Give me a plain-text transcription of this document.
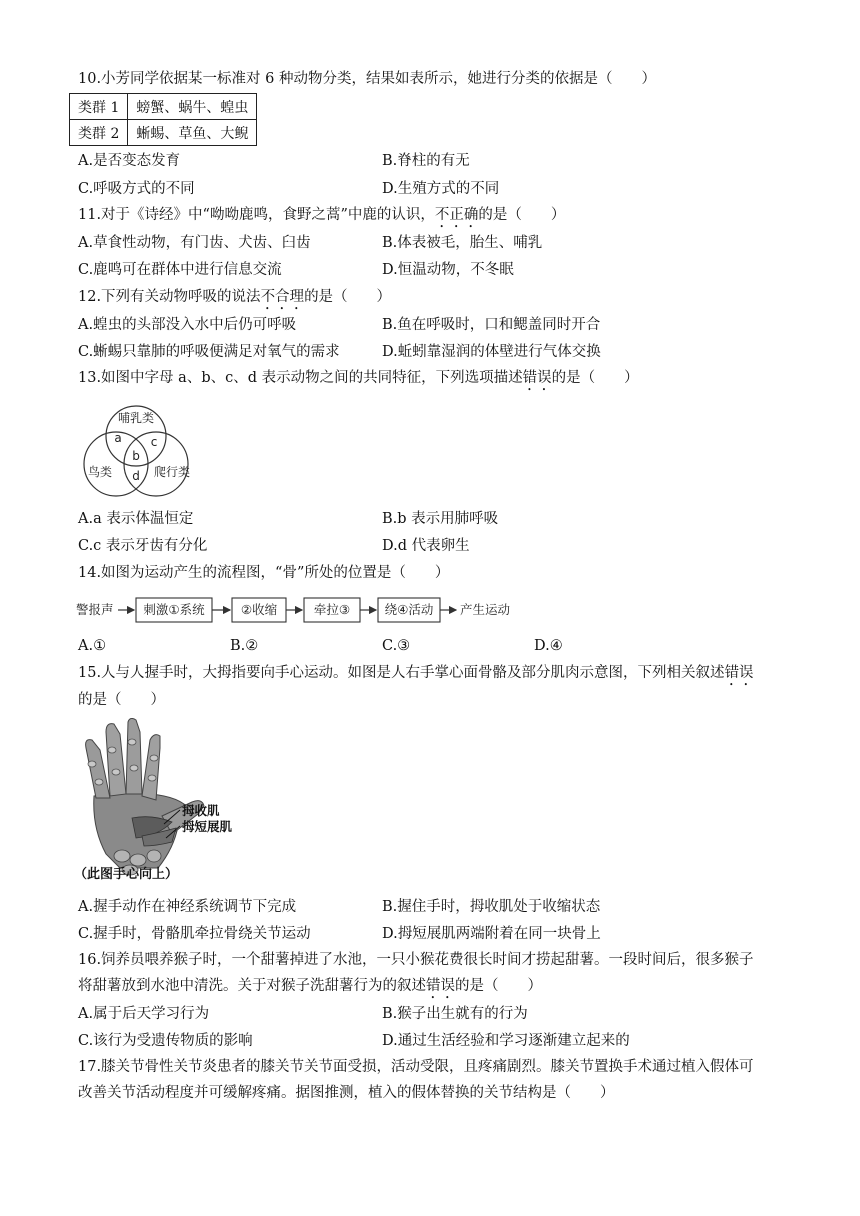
10.小芳同学依据某一标准对 6 种动物分类，结果如表所示，她进行分类的依据是（　　）
类群 1	螃蟹、蜗牛、蝗虫
类群 2	蜥蜴、草鱼、大鲵
A.是否变态发育	B.脊柱的有无
C.呼吸方式的不同	D.生殖方式的不同
11.对于《诗经》中“呦呦鹿鸣，食野之蒿”中鹿的认识，不正确的是（　　）
A.草食性动物，有门齿、犬齿、臼齿	B.体表被毛，胎生、哺乳
C.鹿鸣可在群体中进行信息交流	D.恒温动物，不冬眠
12.下列有关动物呼吸的说法不合理的是（　　）
A.蝗虫的头部没入水中后仍可呼吸	B.鱼在呼吸时，口和鳃盖同时开合
C.蜥蜴只靠肺的呼吸便满足对氧气的需求	D.蚯蚓靠湿润的体壁进行气体交换
13.如图中字母 a、b、c、d 表示动物之间的共同特征，下列选项描述错误的是（　　）
哺乳类
鸟类	爬行类
a c
b
d
A.a 表示体温恒定	B.b 表示用肺呼吸
C.c 表示牙齿有分化	D.d 代表卵生
14.如图为运动产生的流程图，“骨”所处的位置是（　　）
警报声 刺激①系统	②收缩	牵拉③	绕④活动 产生运动
A.①	B.②	C.③	D.④
15.人与人握手时，大拇指要向手心运动。如图是人右手掌心面骨骼及部分肌肉示意图，下列相关叙述错误
的是（　　）
拇收肌
拇短展肌
（此图手心向上）
A.握手动作在神经系统调节下完成	B.握住手时，拇收肌处于收缩状态
C.握手时，骨骼肌牵拉骨绕关节运动	D.拇短展肌两端附着在同一块骨上
16.饲养员喂养猴子时，一个甜薯掉进了水池，一只小猴花费很长时间才捞起甜薯。一段时间后，很多猴子
将甜薯放到水池中清洗。关于对猴子洗甜薯行为的叙述错误的是（　　）
A.属于后天学习行为	B.猴子出生就有的行为
C.该行为受遗传物质的影响	D.通过生活经验和学习逐渐建立起来的
17.膝关节骨性关节炎患者的膝关节关节面受损，活动受限，且疼痛剧烈。膝关节置换手术通过植入假体可
改善关节活动程度并可缓解疼痛。据图推测，植入的假体替换的关节结构是（　　）
